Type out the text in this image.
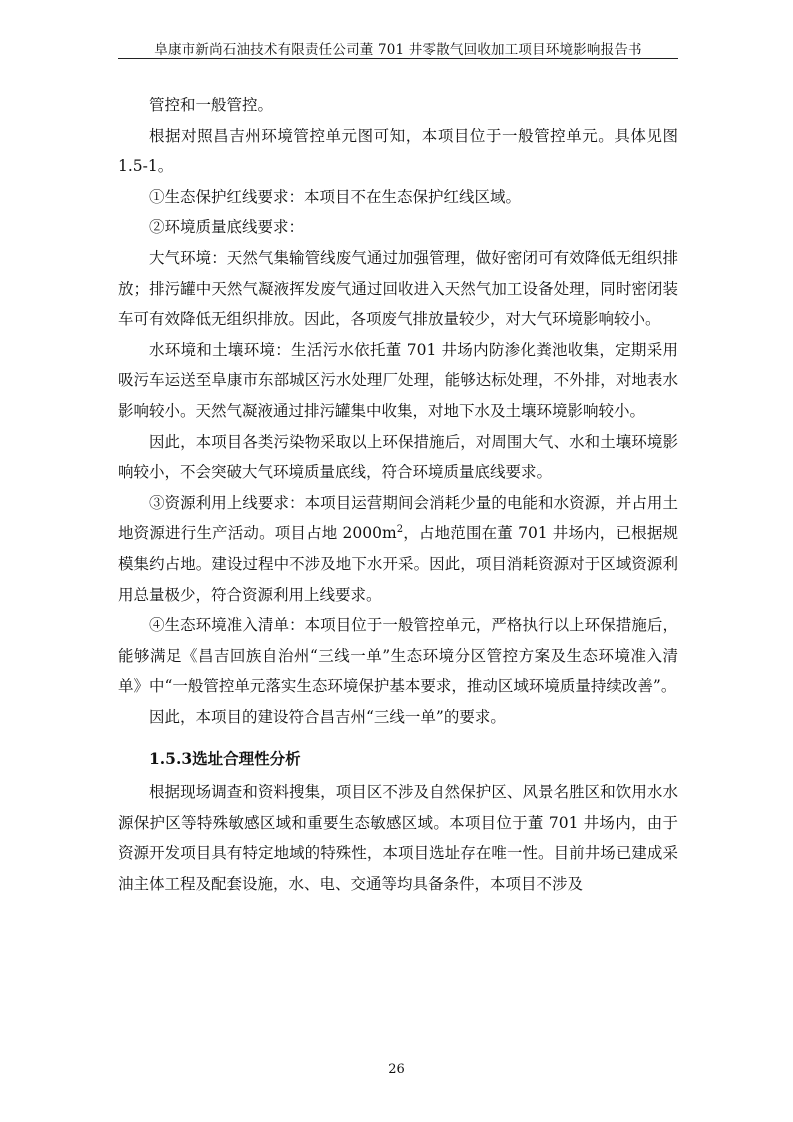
阜康市新尚石油技术有限责任公司董 701 井零散气回收加工项目环境影响报告书

管控和一般管控。

根据对照昌吉州环境管控单元图可知，本项目位于一般管控单元。具体见图1.5-1。

①生态保护红线要求：本项目不在生态保护红线区域。

②环境质量底线要求：

大气环境：天然气集输管线废气通过加强管理，做好密闭可有效降低无组织排放；排污罐中天然气凝液挥发废气通过回收进入天然气加工设备处理，同时密闭装车可有效降低无组织排放。因此，各项废气排放量较少，对大气环境影响较小。

水环境和土壤环境：生活污水依托董 701 井场内防渗化粪池收集，定期采用吸污车运送至阜康市东部城区污水处理厂处理，能够达标处理，不外排，对地表水影响较小。天然气凝液通过排污罐集中收集，对地下水及土壤环境影响较小。

因此，本项目各类污染物采取以上环保措施后，对周围大气、水和土壤环境影响较小，不会突破大气环境质量底线，符合环境质量底线要求。

③资源利用上线要求：本项目运营期间会消耗少量的电能和水资源，并占用土地资源进行生产活动。项目占地 $2000m^2$，占地范围在董 701 井场内，已根据规模集约占地。建设过程中不涉及地下水开采。因此，项目消耗资源对于区域资源利用总量极少，符合资源利用上线要求。

④生态环境准入清单：本项目位于一般管控单元，严格执行以上环保措施后，能够满足《昌吉回族自治州“三线一单”生态环境分区管控方案及生态环境准入清单》中“一般管控单元落实生态环境保护基本要求，推动区域环境质量持续改善”。

因此，本项目的建设符合昌吉州“三线一单”的要求。

1.5.3选址合理性分析

根据现场调查和资料搜集，项目区不涉及自然保护区、风景名胜区和饮用水水源保护区等特殊敏感区域和重要生态敏感区域。本项目位于董 701 井场内，由于资源开发项目具有特定地域的特殊性，本项目选址存在唯一性。目前井场已建成采油主体工程及配套设施，水、电、交通等均具备条件，本项目不涉及

26
